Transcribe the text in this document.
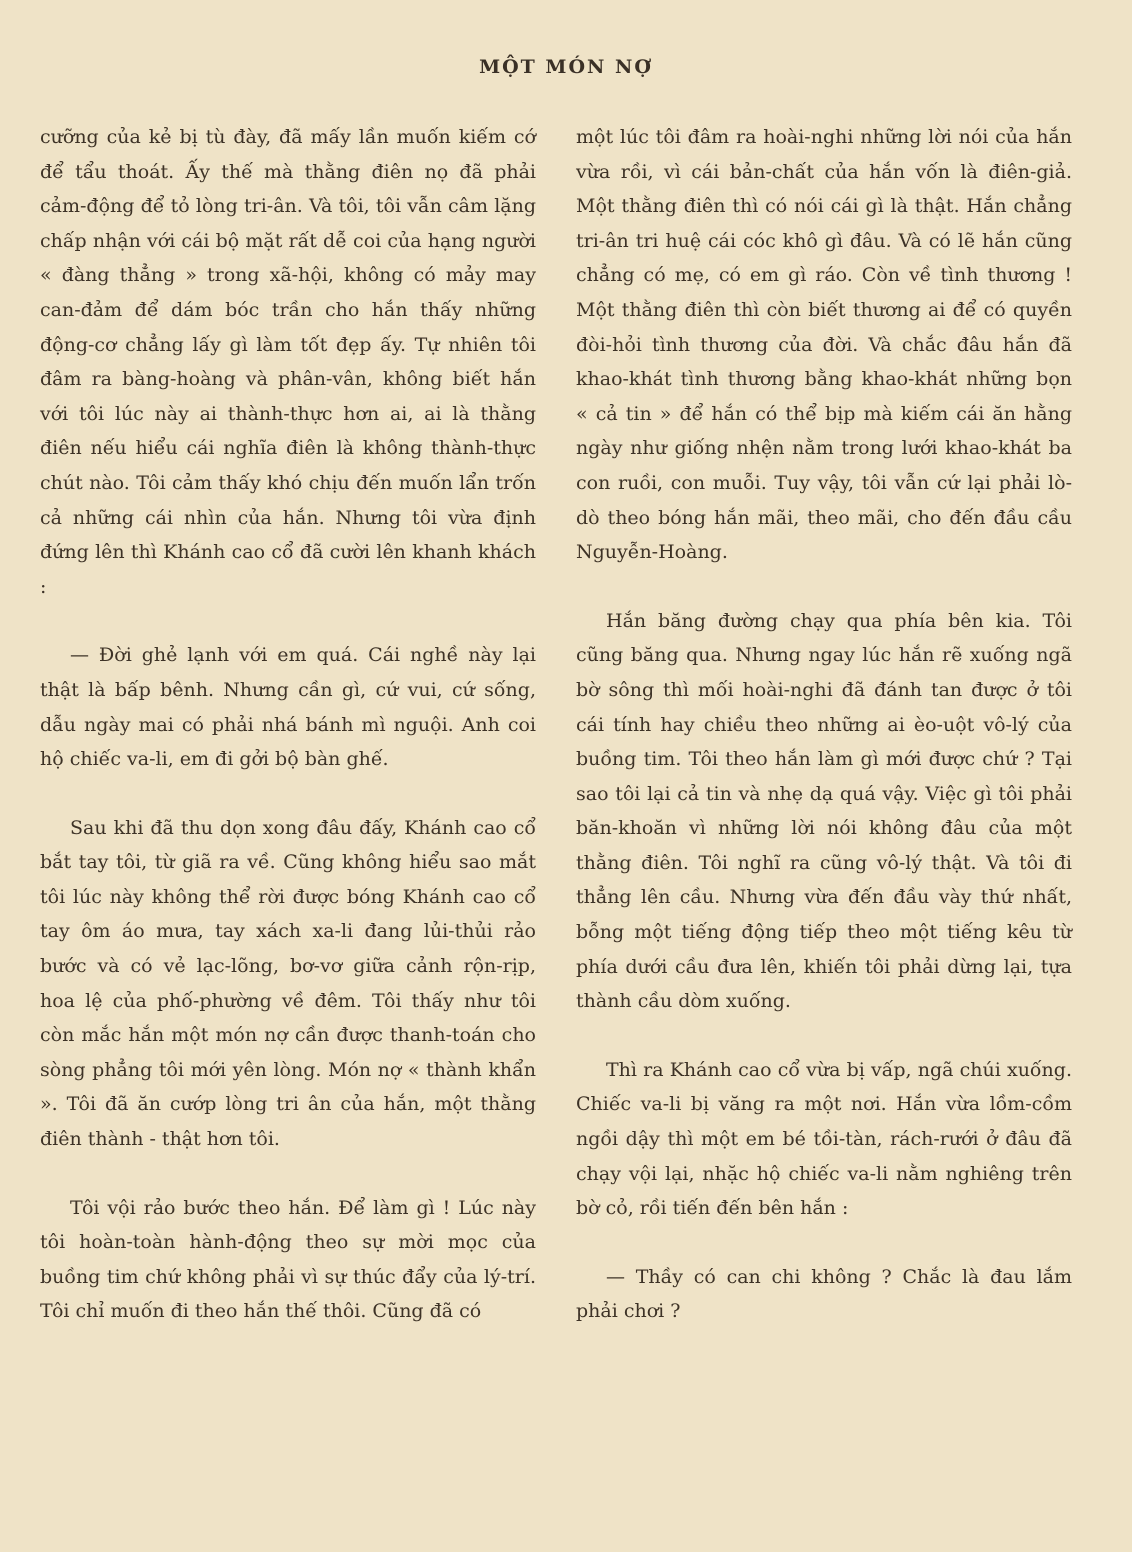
MỘT MÓN NỢ

cưỡng của kẻ bị tù đày, đã mấy lần muốn kiếm cớ để tẩu thoát. Ấy thế mà thằng điên nọ đã phải cảm-động để tỏ lòng tri-ân. Và tôi, tôi vẫn câm lặng chấp nhận với cái bộ mặt rất dễ coi của hạng người « đàng thẳng » trong xã-hội, không có mảy may can-đảm để dám bóc trần cho hắn thấy những động-cơ chẳng lấy gì làm tốt đẹp ấy. Tự nhiên tôi đâm ra bàng-hoàng và phân-vân, không biết hắn với tôi lúc này ai thành-thực hơn ai, ai là thằng điên nếu hiểu cái nghĩa điên là không thành-thực chút nào. Tôi cảm thấy khó chịu đến muốn lẩn trốn cả những cái nhìn của hắn. Nhưng tôi vừa định đứng lên thì Khánh cao cổ đã cười lên khanh khách :

— Đời ghẻ lạnh với em quá. Cái nghề này lại thật là bấp bênh. Nhưng cần gì, cứ vui, cứ sống, dẫu ngày mai có phải nhá bánh mì nguội. Anh coi hộ chiếc va-li, em đi gởi bộ bàn ghế.

Sau khi đã thu dọn xong đâu đấy, Khánh cao cổ bắt tay tôi, từ giã ra về. Cũng không hiểu sao mắt tôi lúc này không thể rời được bóng Khánh cao cổ tay ôm áo mưa, tay xách xa-li đang lủi-thủi rảo bước và có vẻ lạc-lõng, bơ-vơ giữa cảnh rộn-rịp, hoa lệ của phố-phường về đêm. Tôi thấy như tôi còn mắc hắn một món nợ cần được thanh-toán cho sòng phẳng tôi mới yên lòng. Món nợ « thành khẩn ». Tôi đã ăn cướp lòng tri ân của hắn, một thằng điên thành - thật hơn tôi.

Tôi vội rảo bước theo hắn. Để làm gì ! Lúc này tôi hoàn-toàn hành-động theo sự mời mọc của buồng tim chứ không phải vì sự thúc đẩy của lý-trí. Tôi chỉ muốn đi theo hắn thế thôi. Cũng đã có

một lúc tôi đâm ra hoài-nghi những lời nói của hắn vừa rồi, vì cái bản-chất của hắn vốn là điên-giả. Một thằng điên thì có nói cái gì là thật. Hắn chẳng tri-ân tri huệ cái cóc khô gì đâu. Và có lẽ hắn cũng chẳng có mẹ, có em gì ráo. Còn về tình thương ! Một thằng điên thì còn biết thương ai để có quyền đòi-hỏi tình thương của đời. Và chắc đâu hắn đã khao-khát tình thương bằng khao-khát những bọn « cả tin » để hắn có thể bịp mà kiếm cái ăn hằng ngày như giống nhện nằm trong lưới khao-khát ba con ruồi, con muỗi. Tuy vậy, tôi vẫn cứ lại phải lò-dò theo bóng hắn mãi, theo mãi, cho đến đầu cầu Nguyễn-Hoàng.

Hắn băng đường chạy qua phía bên kia. Tôi cũng băng qua. Nhưng ngay lúc hắn rẽ xuống ngã bờ sông thì mối hoài-nghi đã đánh tan được ở tôi cái tính hay chiều theo những ai èo-uột vô-lý của buồng tim. Tôi theo hắn làm gì mới được chứ ? Tại sao tôi lại cả tin và nhẹ dạ quá vậy. Việc gì tôi phải băn-khoăn vì những lời nói không đâu của một thằng điên. Tôi nghĩ ra cũng vô-lý thật. Và tôi đi thẳng lên cầu. Nhưng vừa đến đầu vày thứ nhất, bỗng một tiếng động tiếp theo một tiếng kêu từ phía dưới cầu đưa lên, khiến tôi phải dừng lại, tựa thành cầu dòm xuống.

Thì ra Khánh cao cổ vừa bị vấp, ngã chúi xuống. Chiếc va-li bị văng ra một nơi. Hắn vừa lồm-cồm ngồi dậy thì một em bé tồi-tàn, rách-rưới ở đâu đã chạy vội lại, nhặc hộ chiếc va-li nằm nghiêng trên bờ cỏ, rồi tiến đến bên hắn :

— Thầy có can chi không ? Chắc là đau lắm phải chơi ?
